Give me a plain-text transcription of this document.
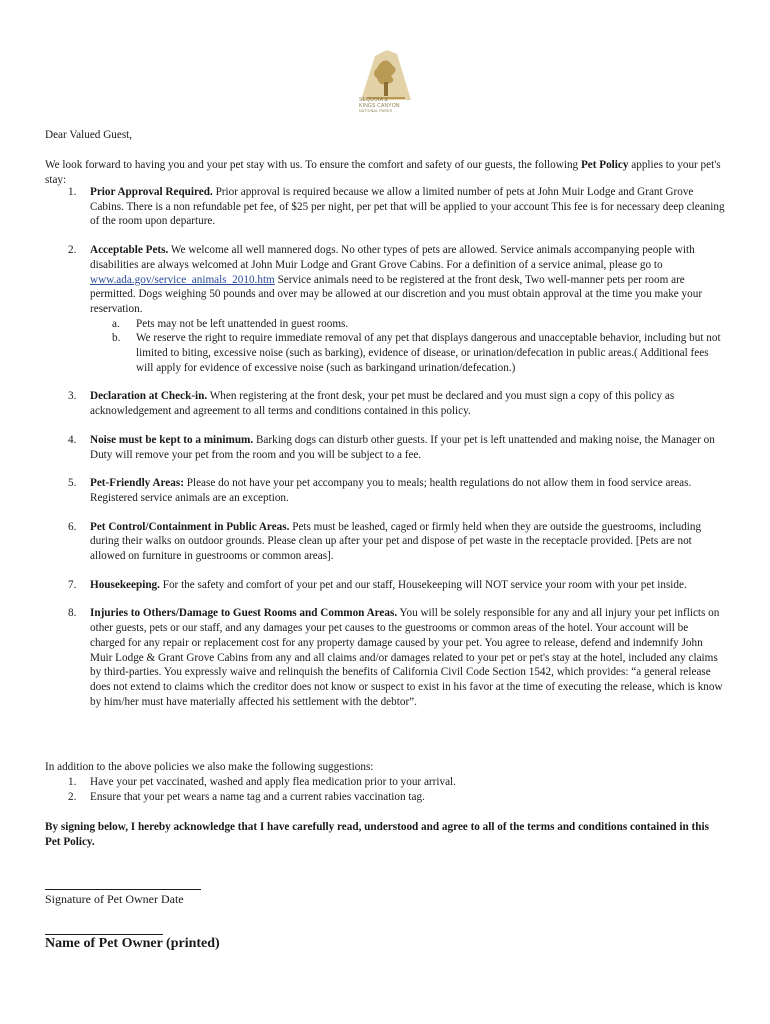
SEQUOIA &
KINGS CANYON
NATIONAL PARKS
Dear Valued Guest,
We look forward to having you and your pet stay with us. To ensure the comfort and safety of our guests, the following Pet Policy applies to your pet's stay:
1. Prior Approval Required. Prior approval is required because we allow a limited number of pets at John Muir Lodge and Grant Grove Cabins. There is a non refundable pet fee, of $25 per night, per pet that will be applied to your account This fee is for necessary deep cleaning of the room upon departure.
2. Acceptable Pets. We welcome all well mannered dogs. No other types of pets are allowed. Service animals accompanying people with disabilities are always welcomed at John Muir Lodge and Grant Grove Cabins. For a definition of a service animal, please go to www.ada.gov/service_animals_2010.htm Service animals need to be registered at the front desk, Two well-manner pets per room are permitted. Dogs weighing 50 pounds and over may be allowed at our discretion and you must obtain approval at the time you make your reservation.
a. Pets may not be left unattended in guest rooms.
b. We reserve the right to require immediate removal of any pet that displays dangerous and unacceptable behavior, including but not limited to biting, excessive noise (such as barking), evidence of disease, or urination/defecation in public areas.( Additional fees will apply for evidence of excessive noise (such as barkingand urination/defecation.)
3. Declaration at Check-in. When registering at the front desk, your pet must be declared and you must sign a copy of this policy as acknowledgement and agreement to all terms and conditions contained in this policy.
4. Noise must be kept to a minimum. Barking dogs can disturb other guests. If your pet is left unattended and making noise, the Manager on Duty will remove your pet from the room and you will be subject to a fee.
5. Pet-Friendly Areas: Please do not have your pet accompany you to meals; health regulations do not allow them in food service areas. Registered service animals are an exception.
6. Pet Control/Containment in Public Areas. Pets must be leashed, caged or firmly held when they are outside the guestrooms, including during their walks on outdoor grounds. Please clean up after your pet and dispose of pet waste in the receptacle provided. [Pets are not allowed on furniture in guestrooms or common areas].
7. Housekeeping. For the safety and comfort of your pet and our staff, Housekeeping will NOT service your room with your pet inside.
8. Injuries to Others/Damage to Guest Rooms and Common Areas. You will be solely responsible for any and all injury your pet inflicts on other guests, pets or our staff, and any damages your pet causes to the guestrooms or common areas of the hotel. Your account will be charged for any repair or replacement cost for any property damage caused by your pet. You agree to release, defend and indemnify John Muir Lodge & Grant Grove Cabins from any and all claims and/or damages related to your pet or pet's stay at the hotel, included any claims by third-parties. You expressly waive and relinquish the benefits of California Civil Code Section 1542, which provides: “a general release does not extend to claims which the creditor does not know or suspect to exist in his favor at the time of executing the release, which is know by him/her must have materially affected his settlement with the debtor”.
In addition to the above policies we also make the following suggestions:
1. Have your pet vaccinated, washed and apply flea medication prior to your arrival.
2. Ensure that your pet wears a name tag and a current rabies vaccination tag.
By signing below, I hereby acknowledge that I have carefully read, understood and agree to all of the terms and conditions contained in this Pet Policy.
Signature of Pet Owner Date
Name of Pet Owner (printed)
